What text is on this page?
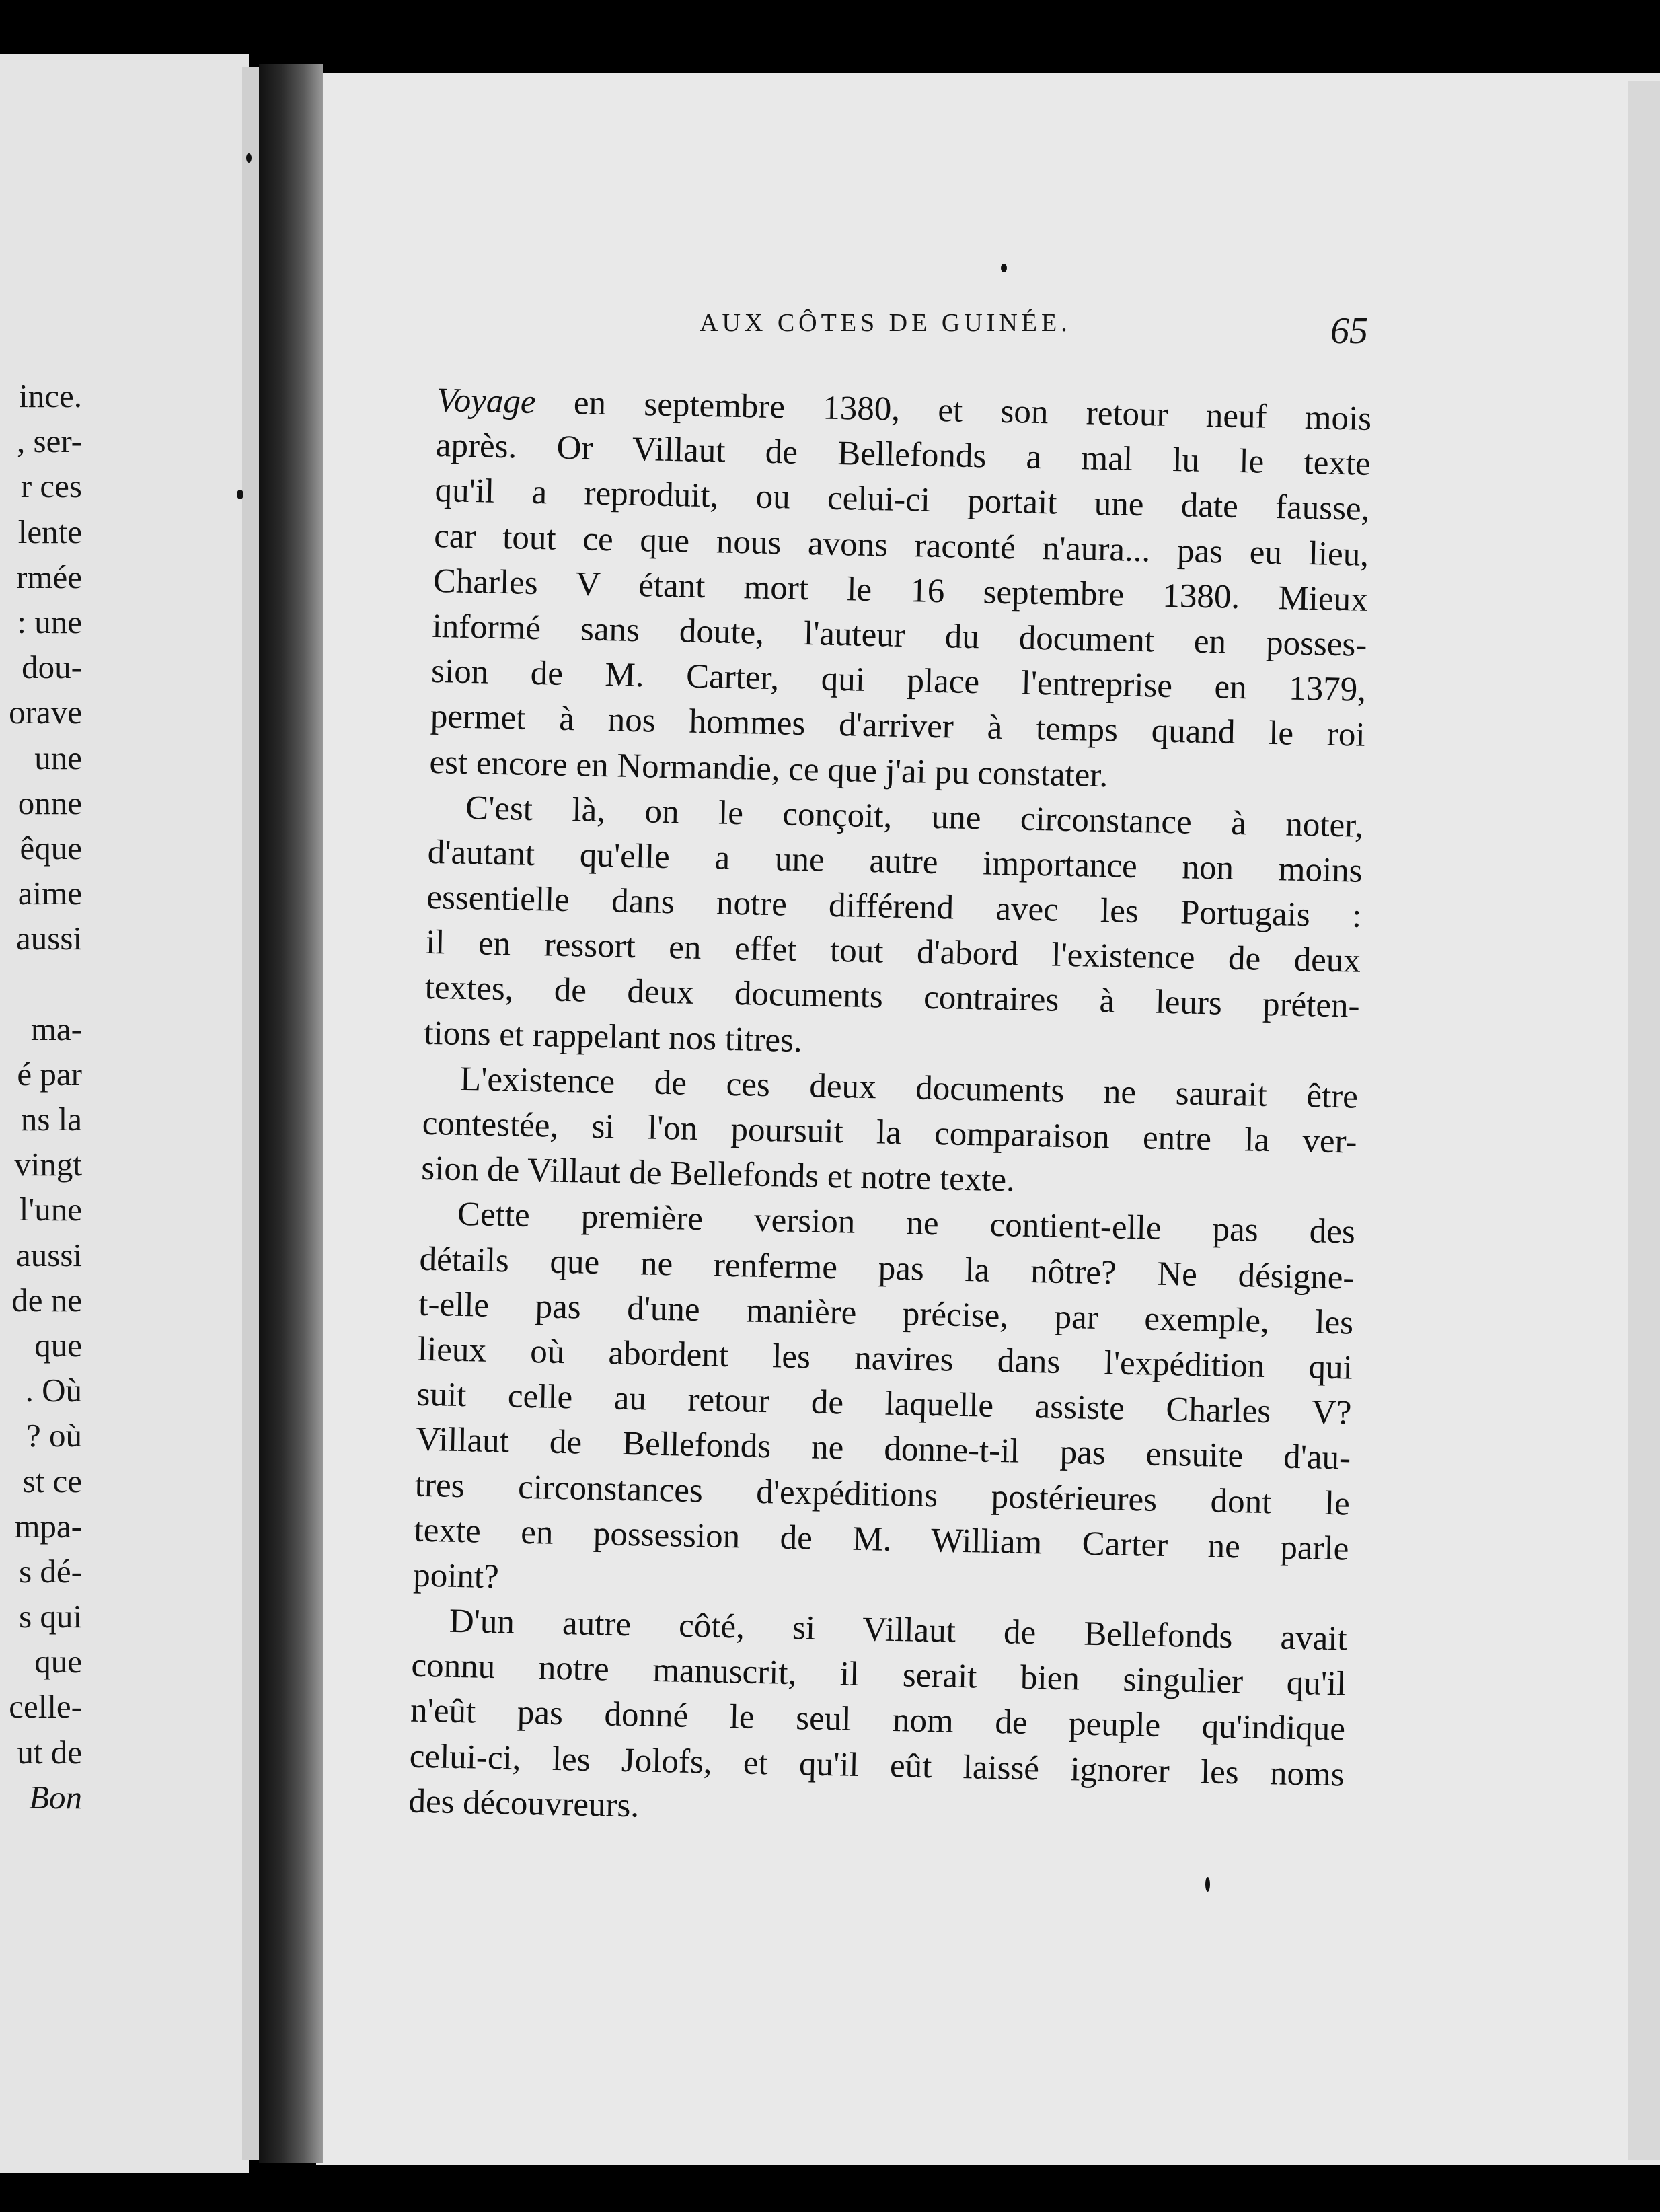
ince.
, ser-
r ces
lente
rmée
: une
dou-
orave
une
onne
êque
aime
aussi
ma-
é par
ns la
vingt
l'une
aussi
de ne
que
. Où
? où
st ce
mpa-
s dé-
s qui
que
celle-
ut de
Bon
AUX CÔTES DE GUINÉE.	65
Voyage en septembre 1380, et son retour neuf mois
après. Or Villaut de Bellefonds a mal lu le texte
qu'il a reproduit, ou celui-ci portait une date fausse,
car tout ce que nous avons raconté n'aura... pas eu lieu,
Charles V étant mort le 16 septembre 1380. Mieux
informé sans doute, l'auteur du document en posses-
sion de M. Carter, qui place l'entreprise en 1379,
permet à nos hommes d'arriver à temps quand le roi
est encore en Normandie, ce que j'ai pu constater.
C'est là, on le conçoit, une circonstance à noter,
d'autant qu'elle a une autre importance non moins
essentielle dans notre différend avec les Portugais :
il en ressort en effet tout d'abord l'existence de deux
textes, de deux documents contraires à leurs préten-
tions et rappelant nos titres.
L'existence de ces deux documents ne saurait être
contestée, si l'on poursuit la comparaison entre la ver-
sion de Villaut de Bellefonds et notre texte.
Cette première version ne contient-elle pas des
détails que ne renferme pas la nôtre? Ne désigne-
t-elle pas d'une manière précise, par exemple, les
lieux où abordent les navires dans l'expédition qui
suit celle au retour de laquelle assiste Charles V?
Villaut de Bellefonds ne donne-t-il pas ensuite d'au-
tres circonstances d'expéditions postérieures dont le
texte en possession de M. William Carter ne parle
point?
D'un autre côté, si Villaut de Bellefonds avait
connu notre manuscrit, il serait bien singulier qu'il
n'eût pas donné le seul nom de peuple qu'indique
celui-ci, les Jolofs, et qu'il eût laissé ignorer les noms
des découvreurs.
